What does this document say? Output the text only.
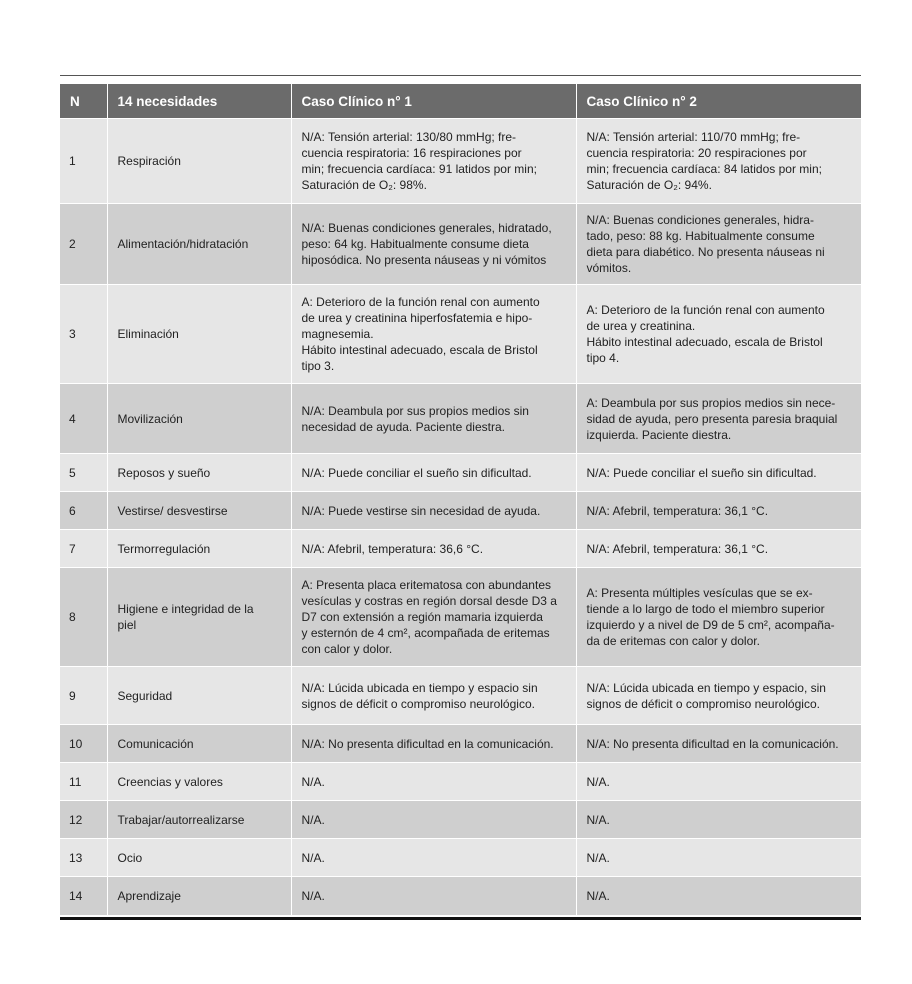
N	14 necesidades	Caso Clínico n° 1	Caso Clínico n° 2
1	Respiración	N/A: Tensión arterial: 130/80 mmHg; fre-
cuencia respiratoria: 16 respiraciones por
min; frecuencia cardíaca: 91 latidos por min;
Saturación de O₂: 98%.	N/A: Tensión arterial: 110/70 mmHg; fre-
cuencia respiratoria: 20 respiraciones por
min; frecuencia cardíaca: 84 latidos por min;
Saturación de O₂: 94%.
2	Alimentación/hidratación	N/A: Buenas condiciones generales, hidratado,
peso: 64 kg. Habitualmente consume dieta
hiposódica. No presenta náuseas y ni vómitos	N/A: Buenas condiciones generales, hidra-
tado, peso: 88 kg. Habitualmente consume
dieta para diabético. No presenta náuseas ni
vómitos.
3	Eliminación	A: Deterioro de la función renal con aumento
de urea y creatinina hiperfosfatemia e hipo-
magnesemia.
Hábito intestinal adecuado, escala de Bristol
tipo 3.	A: Deterioro de la función renal con aumento
de urea y creatinina.
Hábito intestinal adecuado, escala de Bristol
tipo 4.
4	Movilización	N/A: Deambula por sus propios medios sin
necesidad de ayuda. Paciente diestra.	A: Deambula por sus propios medios sin nece-
sidad de ayuda, pero presenta paresia braquial
izquierda. Paciente diestra.
5	Reposos y sueño	N/A: Puede conciliar el sueño sin dificultad.	N/A: Puede conciliar el sueño sin dificultad.
6	Vestirse/ desvestirse	N/A: Puede vestirse sin necesidad de ayuda.	N/A: Afebril, temperatura: 36,1 °C.
7	Termorregulación	N/A: Afebril, temperatura: 36,6 °C.	N/A: Afebril, temperatura: 36,1 °C.
8	Higiene e integridad de la
piel	A: Presenta placa eritematosa con abundantes
vesículas y costras en región dorsal desde D3 a
D7 con extensión a región mamaria izquierda
y esternón de 4 cm², acompañada de eritemas
con calor y dolor.	A: Presenta múltiples vesículas que se ex-
tiende a lo largo de todo el miembro superior
izquierdo y a nivel de D9 de 5 cm², acompaña-
da de eritemas con calor y dolor.
9	Seguridad	N/A: Lúcida ubicada en tiempo y espacio sin
signos de déficit o compromiso neurológico.	N/A: Lúcida ubicada en tiempo y espacio, sin
signos de déficit o compromiso neurológico.
10	Comunicación	N/A: No presenta dificultad en la comunicación.	N/A: No presenta dificultad en la comunicación.
11	Creencias y valores	N/A.	N/A.
12	Trabajar/autorrealizarse	N/A.	N/A.
13	Ocio	N/A.	N/A.
14	Aprendizaje	N/A.	N/A.
